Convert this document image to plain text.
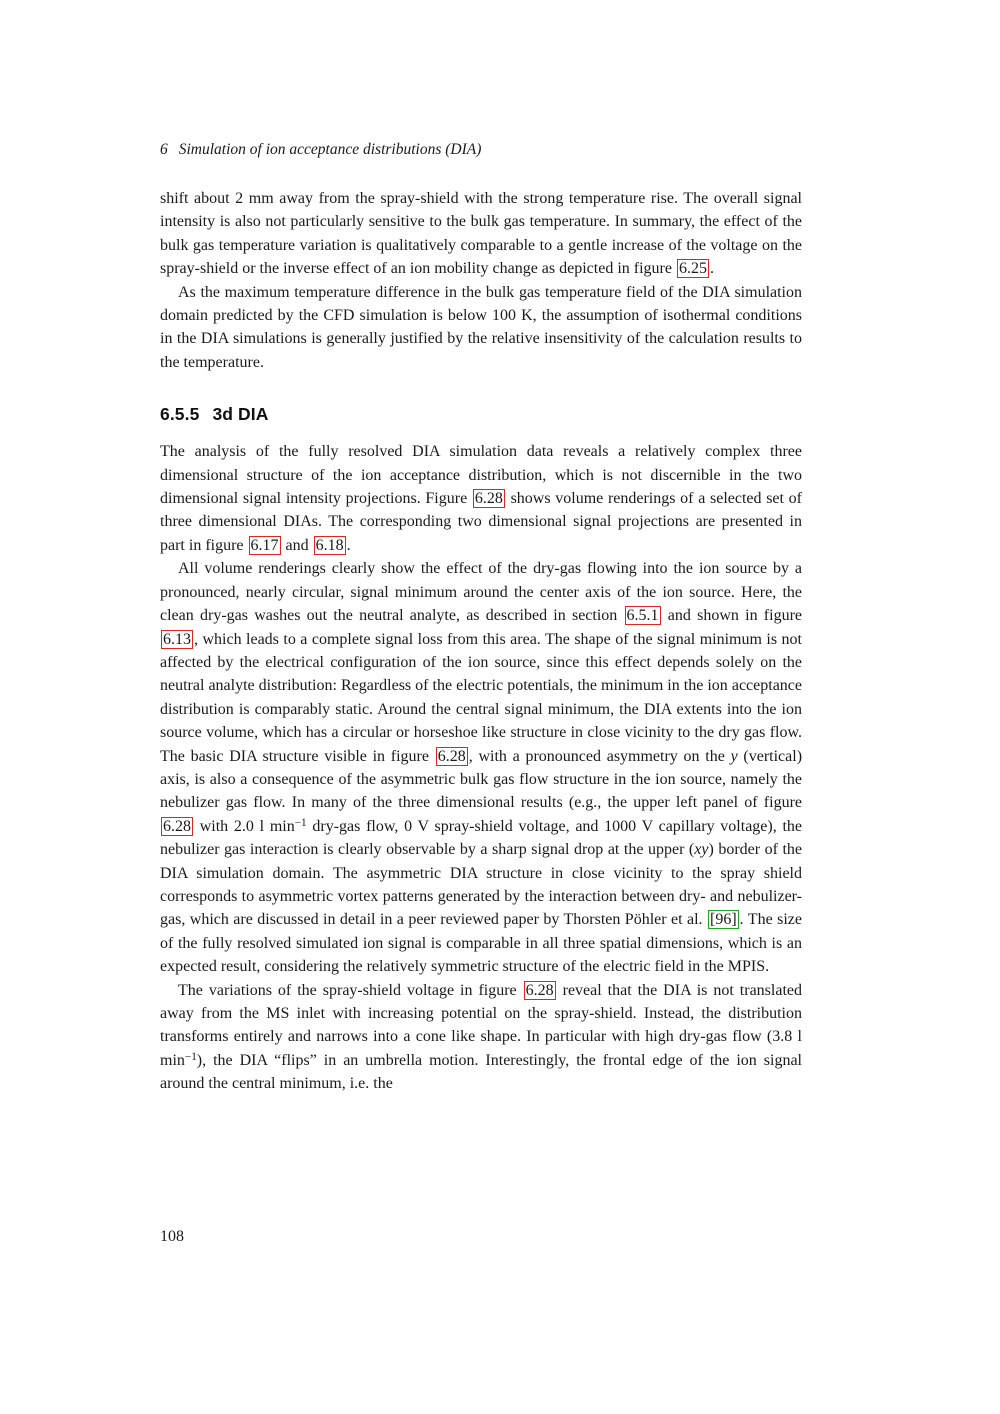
6 Simulation of ion acceptance distributions (DIA)

shift about 2 mm away from the spray-shield with the strong temperature rise. The overall signal intensity is also not particularly sensitive to the bulk gas temperature. In summary, the effect of the bulk gas temperature variation is qualitatively comparable to a gentle increase of the voltage on the spray-shield or the inverse effect of an ion mobility change as depicted in figure 6.25 .

As the maximum temperature difference in the bulk gas temperature field of the DIA simulation domain predicted by the CFD simulation is below 100 K, the assumption of isothermal conditions in the DIA simulations is generally justified by the relative insensitivity of the calculation results to the temperature.

6.5.5 3d DIA

The analysis of the fully resolved DIA simulation data reveals a relatively complex three dimensional structure of the ion acceptance distribution, which is not discernible in the two dimensional signal intensity projections. Figure 6.28 shows volume renderings of a selected set of three dimensional DIAs. The corresponding two dimensional signal projections are presented in part in figure 6.17 and 6.18 .

All volume renderings clearly show the effect of the dry-gas flowing into the ion source by a pronounced, nearly circular, signal minimum around the center axis of the ion source. Here, the clean dry-gas washes out the neutral analyte, as described in section 6.5.1 and shown in figure 6.13 , which leads to a complete signal loss from this area. The shape of the signal minimum is not affected by the electrical configuration of the ion source, since this effect depends solely on the neutral analyte distribution: Regardless of the electric potentials, the minimum in the ion acceptance distribution is comparably static. Around the central signal minimum, the DIA extents into the ion source volume, which has a circular or horseshoe like structure in close vicinity to the dry gas flow. The basic DIA structure visible in figure 6.28 , with a pronounced asymmetry on the y (vertical) axis, is also a consequence of the asymmetric bulk gas flow structure in the ion source, namely the nebulizer gas flow. In many of the three dimensional results (e.g., the upper left panel of figure 6.28 with 2.0 l $\min^{-1} dry-gas$ flow, 0 V spray-shield voltage, and 1000 V capillary voltage), the nebulizer gas interaction is clearly observable by a sharp signal drop at the upper (xy) border of the DIA simulation domain. The asymmetric DIA structure in close vicinity to the spray shield corresponds to asymmetric vortex patterns generated by the interaction between dry- and nebulizer-gas, which are discussed in detail in a peer reviewed paper by Thorsten Pöhler et al. [96] . The size of the fully resolved simulated ion signal is comparable in all three spatial dimensions, which is an expected result, considering the relatively symmetric structure of the electric field in the MPIS.

The variations of the spray-shield voltage in figure 6.28 reveal that the DIA is not translated away from the MS inlet with increasing potential on the spray-shield. Instead, the distribution transforms entirely and narrows into a cone like shape. In particular with high dry-gas flow (3.8 l $\min^{-1}$), the DIA “flips” in an umbrella motion. Interestingly, the frontal edge of the ion signal around the central minimum, i.e. the

108
